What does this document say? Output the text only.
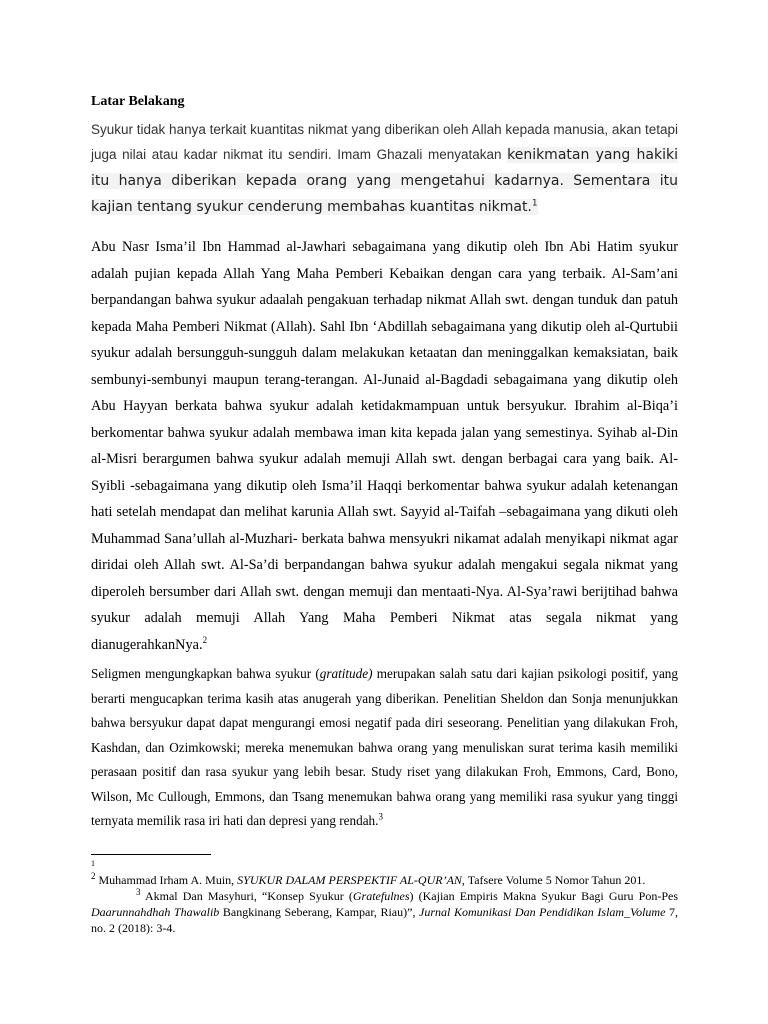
Latar Belakang

Syukur tidak hanya terkait kuantitas nikmat yang diberikan oleh Allah kepada manusia, akan tetapi juga nilai atau kadar nikmat itu sendiri. Imam Ghazali menyatakan kenikmatan yang hakiki itu hanya diberikan kepada orang yang mengetahui kadarnya. Sementara itu kajian tentang syukur cenderung membahas kuantitas nikmat.$^1$

Abu Nasr Isma’il Ibn Hammad al-Jawhari sebagaimana yang dikutip oleh Ibn Abi Hatim syukur adalah pujian kepada Allah Yang Maha Pemberi Kebaikan dengan cara yang terbaik. Al-Sam’ani berpandangan bahwa syukur adaalah pengakuan terhadap nikmat Allah swt. dengan tunduk dan patuh kepada Maha Pemberi Nikmat (Allah). Sahl Ibn ‘Abdillah sebagaimana yang dikutip oleh al-Qurtubii syukur adalah bersungguh-sungguh dalam melakukan ketaatan dan meninggalkan kemaksiatan, baik sembunyi-sembunyi maupun terang-terangan. Al-Junaid al-Bagdadi sebagaimana yang dikutip oleh Abu Hayyan berkata bahwa syukur adalah ketidakmampuan untuk bersyukur. Ibrahim al-Biqa’i berkomentar bahwa syukur adalah membawa iman kita kepada jalan yang semestinya. Syihab al-Din al-Misri berargumen bahwa syukur adalah memuji Allah swt. dengan berbagai cara yang baik. Al-Syibli -sebagaimana yang dikutip oleh Isma’il Haqqi berkomentar bahwa syukur adalah ketenangan hati setelah mendapat dan melihat karunia Allah swt. Sayyid al-Taifah –sebagaimana yang dikuti oleh Muhammad Sana’ullah al-Muzhari- berkata bahwa mensyukri nikamat adalah menyikapi nikmat agar diridai oleh Allah swt. Al-Sa’di berpandangan bahwa syukur adalah mengakui segala nikmat yang diperoleh bersumber dari Allah swt. dengan memuji dan mentaati-Nya. Al-Sya’rawi berijtihad bahwa syukur adalah memuji Allah Yang Maha Pemberi Nikmat atas segala nikmat yang dianugerahkanNya.$^2$

Seligmen mengungkapkan bahwa syukur (gratitude) merupakan salah satu dari kajian psikologi positif, yang berarti mengucapkan terima kasih atas anugerah yang diberikan. Penelitian Sheldon dan Sonja menunjukkan bahwa bersyukur dapat dapat mengurangi emosi negatif pada diri seseorang. Penelitian yang dilakukan Froh, Kashdan, dan Ozimkowski; mereka menemukan bahwa orang yang menuliskan surat terima kasih memiliki perasaan positif dan rasa syukur yang lebih besar. Study riset yang dilakukan Froh, Emmons, Card, Bono, Wilson, Mc Cullough, Emmons, dan Tsang menemukan bahwa orang yang memiliki rasa syukur yang tinggi ternyata memilik rasa iri hati dan depresi yang rendah.$^3$

1

$^2$ Muhammad Irham A. Muin, SYUKUR DALAM PERSPEKTIF AL-QUR’AN, Tafsere Volume 5 Nomor Tahun 201.

$^3$ Akmal Dan Masyhuri, “Konsep Syukur (Gratefulnes) (Kajian Empiris Makna Syukur Bagi Guru Pon-Pes Daarunnahdhah Thawalib Bangkinang Seberang, Kampar, Riau)”, Jurnal Komunikasi Dan Pendidikan Islam_Volume 7, no. 2 (2018): 3-4.
